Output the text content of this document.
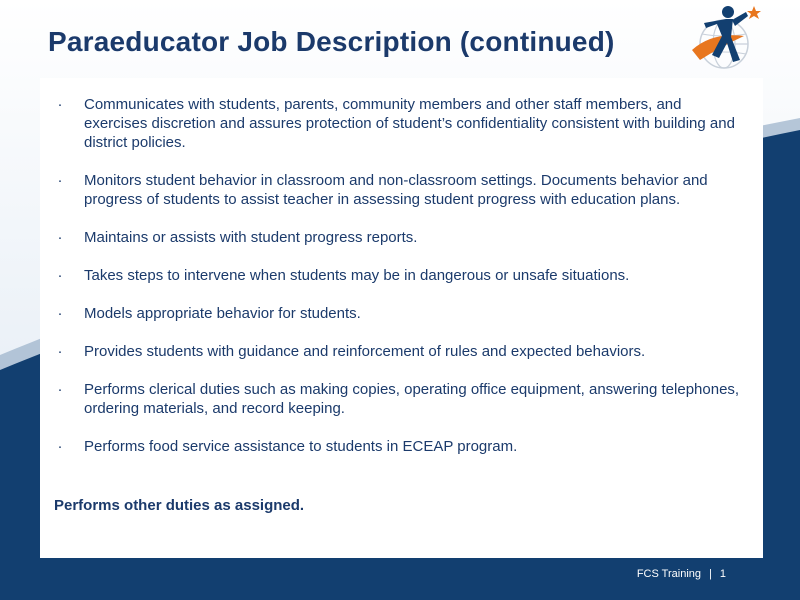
Paraeducator Job Description (continued)
· Communicates with students, parents, community members and other staff members, and exercises discretion and assures protection of student’s confidentiality consistent with building and district policies.
· Monitors student behavior in classroom and non-classroom settings. Documents behavior and progress of students to assist teacher in assessing student progress with education plans.
· Maintains or assists with student progress reports.
· Takes steps to intervene when students may be in dangerous or unsafe situations.
· Models appropriate behavior for students.
· Provides students with guidance and reinforcement of rules and expected behaviors.
· Performs clerical duties such as making copies, operating office equipment, answering telephones, ordering materials, and record keeping.
· Performs food service assistance to students in ECEAP program.

Performs other duties as assigned.

FCS Training | 1
